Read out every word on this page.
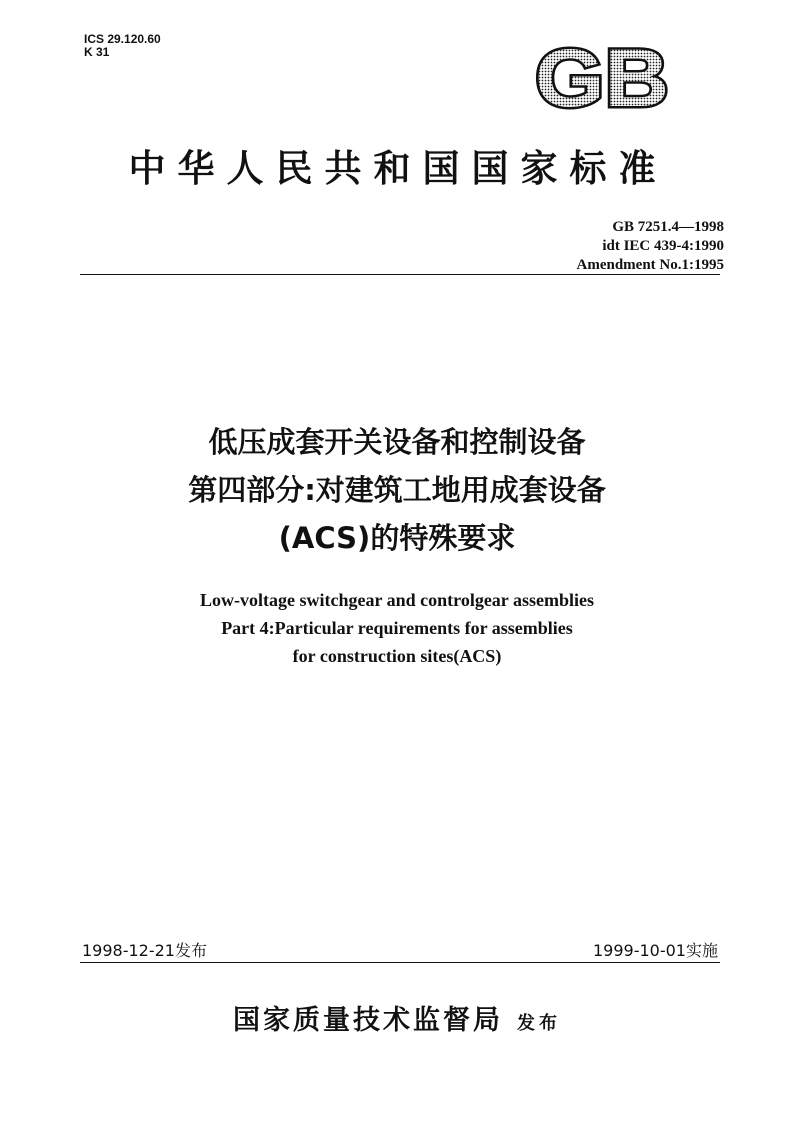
ICS 29.120.60
K 31	GB
中华人民共和国国家标准
GB 7251.4—1998
idt IEC 439-4:1990
Amendment No.1:1995
低压成套开关设备和控制设备
第四部分:对建筑工地用成套设备
(ACS)的特殊要求
Low-voltage switchgear and controlgear assemblies
Part 4:Particular requirements for assemblies
for construction sites(ACS)
1998-12-21发布	1999-10-01实施
国家质量技术监督局 发布
